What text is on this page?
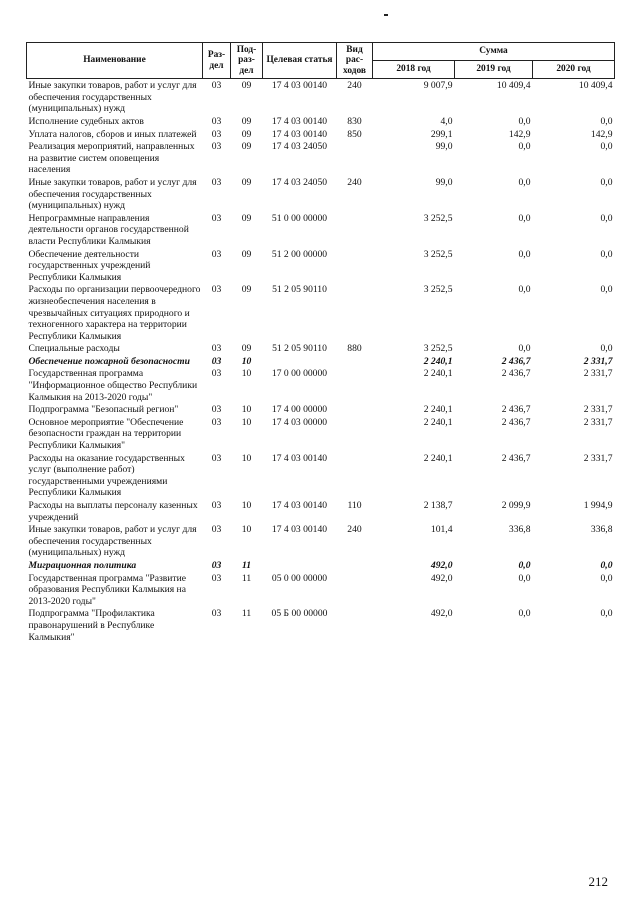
Наименование	Раз-дел	Под-раз-дел	Целевая статья	Вид рас-ходов	Сумма		
					2018 год	2019 год	2020 год
Иные закупки товаров, работ и услуг для обеспечения государственных (муниципальных) нужд	03	09	17 4 03 00140	240	9 007,9	10 409,4	10 409,4
Исполнение судебных актов	03	09	17 4 03 00140	830	4,0	0,0	0,0
Уплата налогов, сборов и иных платежей	03	09	17 4 03 00140	850	299,1	142,9	142,9
Реализация мероприятий, направленных на развитие систем оповещения населения	03	09	17 4 03 24050		99,0	0,0	0,0
Иные закупки товаров, работ и услуг для обеспечения государственных (муниципальных) нужд	03	09	17 4 03 24050	240	99,0	0,0	0,0
Непрограммные направления деятельности органов государственной власти Республики Калмыкия	03	09	51 0 00 00000		3 252,5	0,0	0,0
Обеспечение деятельности государственных учреждений Республики Калмыкия	03	09	51 2 00 00000		3 252,5	0,0	0,0
Расходы по организации первоочередного жизнеобеспечения населения в чрезвычайных ситуациях природного и техногенного характера на территории Республики Калмыкия	03	09	51 2 05 90110		3 252,5	0,0	0,0
Специальные расходы	03	09	51 2 05 90110	880	3 252,5	0,0	0,0
Обеспечение пожарной безопасности	03	10			2 240,1	2 436,7	2 331,7
Государственная программа "Информационное общество Республики Калмыкия на 2013-2020 годы"	03	10	17 0 00 00000		2 240,1	2 436,7	2 331,7
Подпрограмма "Безопасный регион"	03	10	17 4 00 00000		2 240,1	2 436,7	2 331,7
Основное мероприятие "Обеспечение безопасности граждан на территории Республики Калмыкия"	03	10	17 4 03 00000		2 240,1	2 436,7	2 331,7
Расходы на оказание государственных услуг (выполнение работ) государственными учреждениями Республики Калмыкия	03	10	17 4 03 00140		2 240,1	2 436,7	2 331,7
Расходы на выплаты персоналу казенных учреждений	03	10	17 4 03 00140	110	2 138,7	2 099,9	1 994,9
Иные закупки товаров, работ и услуг для обеспечения государственных (муниципальных) нужд	03	10	17 4 03 00140	240	101,4	336,8	336,8
Миграционная политика	03	11			492,0	0,0	0,0
Государственная программа "Развитие образования Республики Калмыкия на 2013-2020 годы"	03	11	05 0 00 00000		492,0	0,0	0,0
Подпрограмма "Профилактика правонарушений в Республике Калмыкия"	03	11	05 Б 00 00000		492,0	0,0	0,0
212
